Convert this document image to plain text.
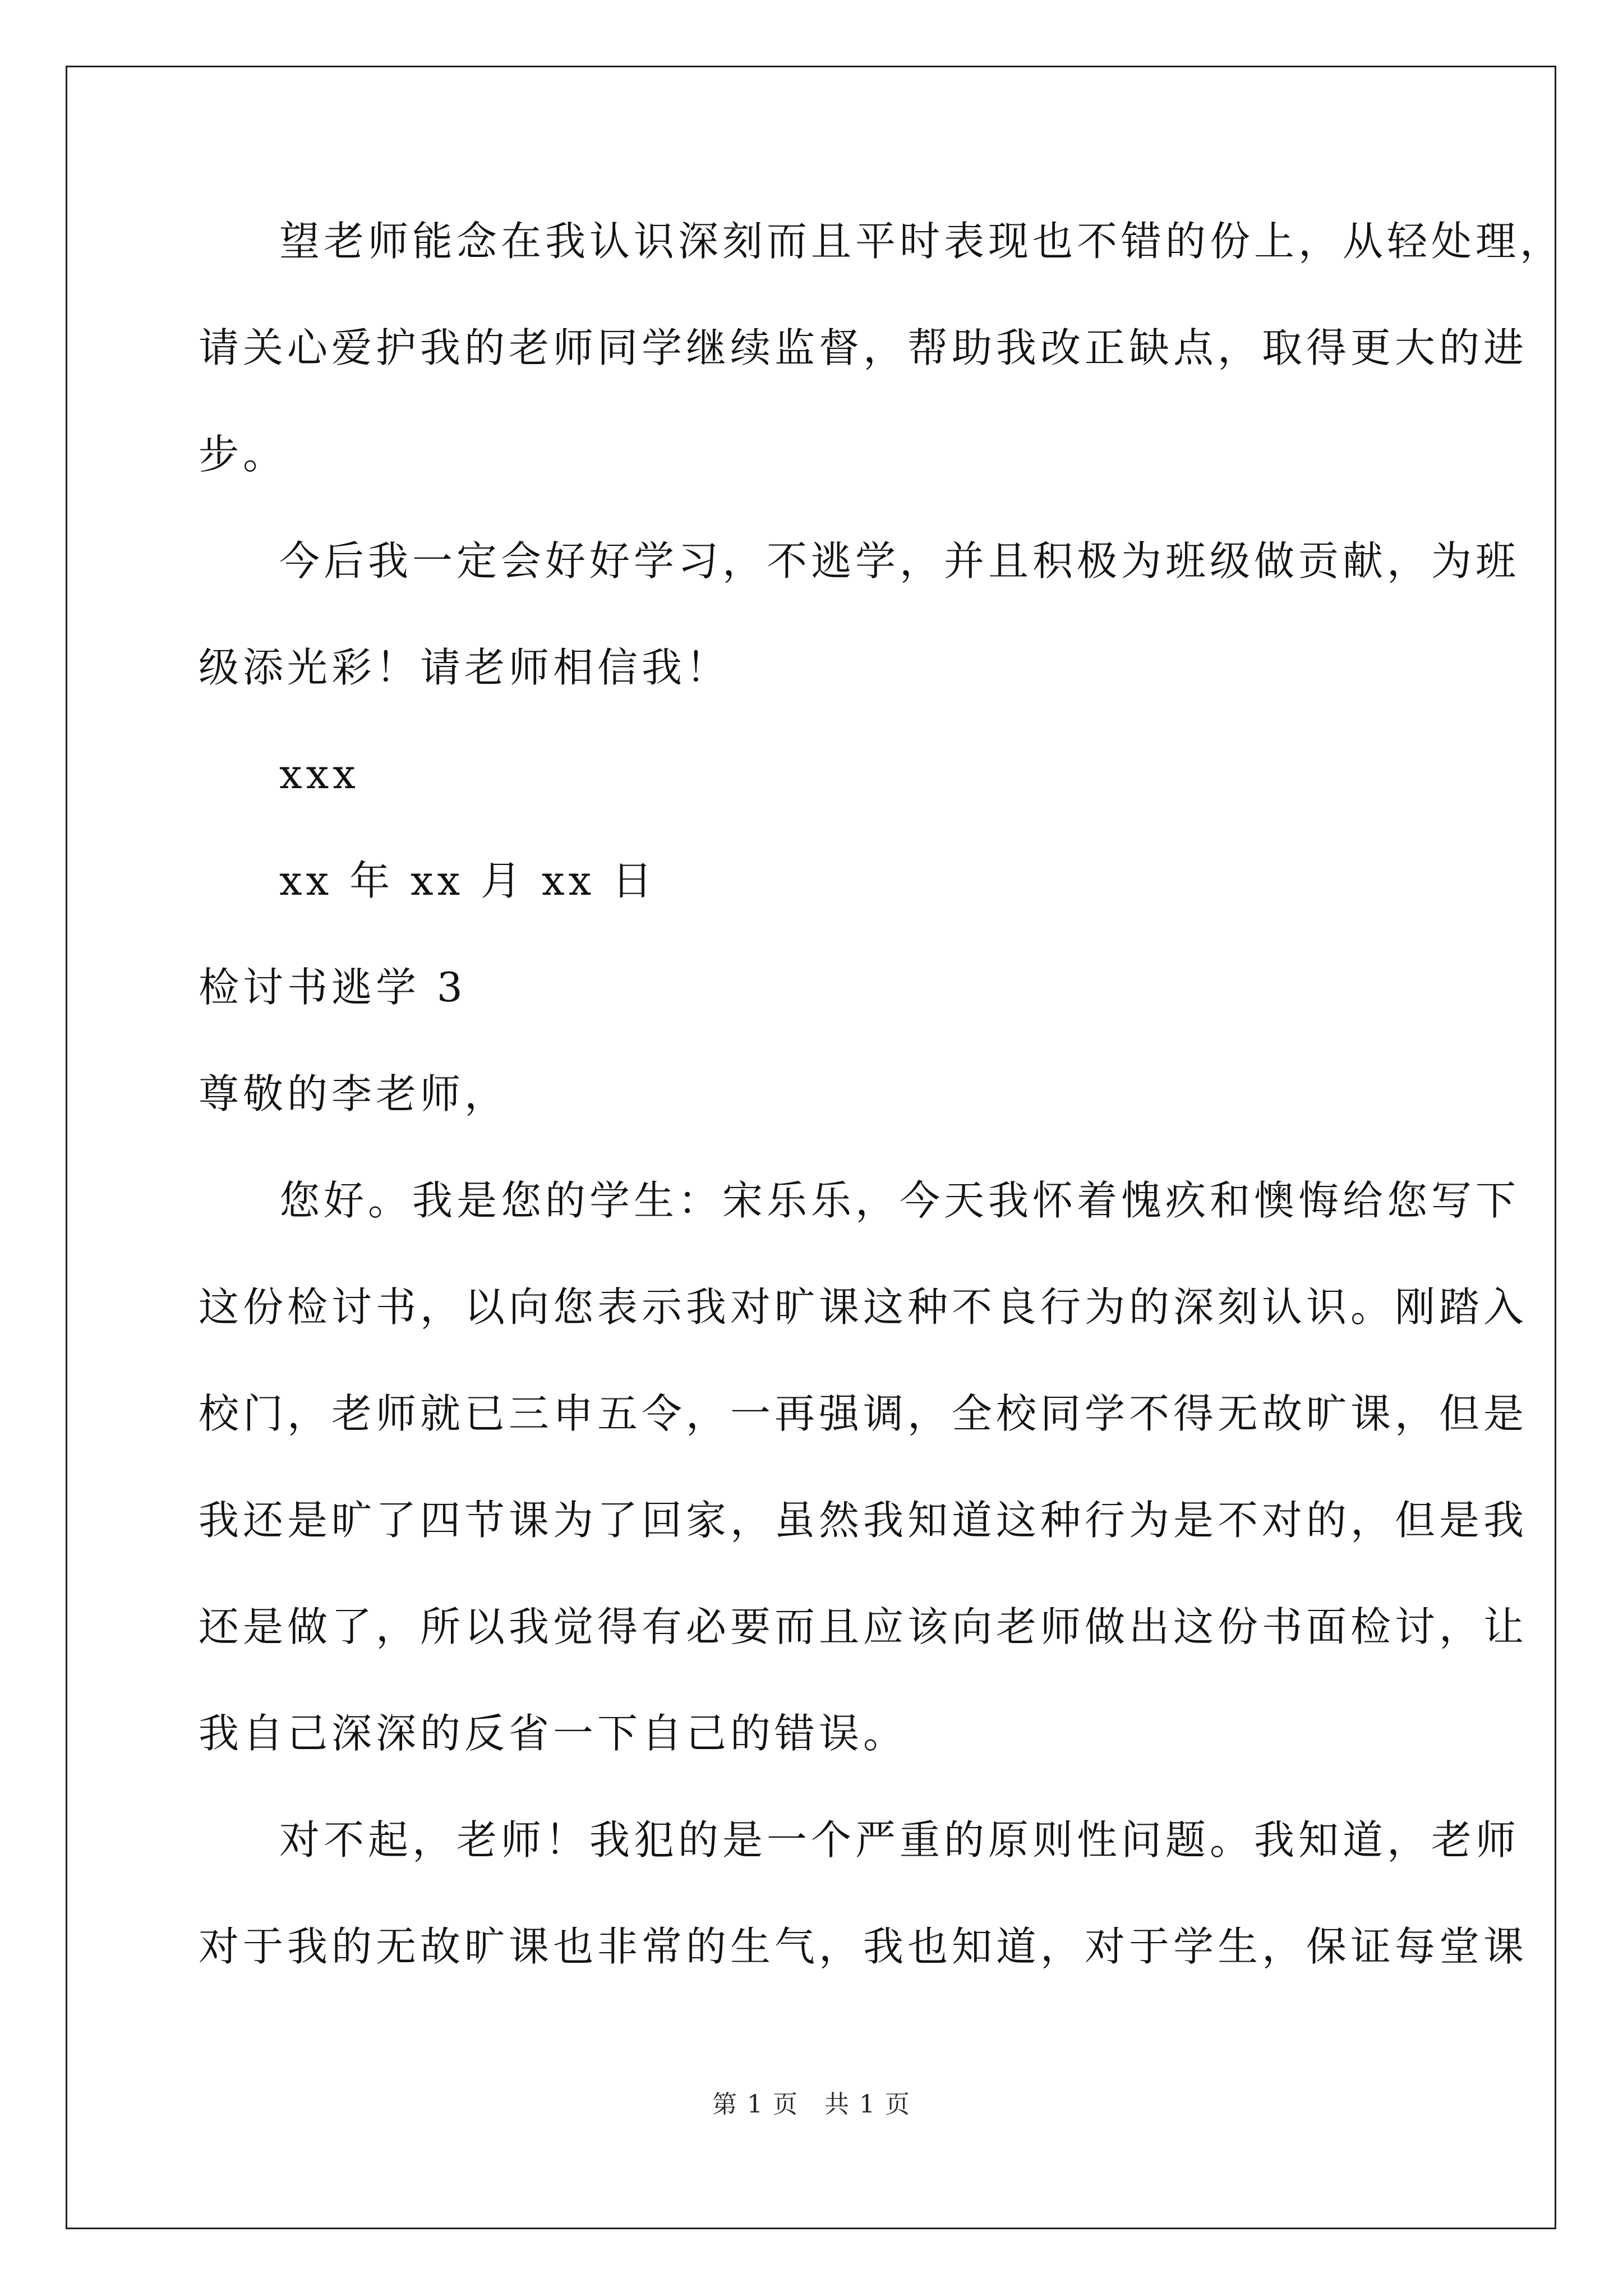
望老师能念在我认识深刻而且平时表现也不错的份上，从轻处理，
请关心爱护我的老师同学继续监督，帮助我改正缺点，取得更大的进
步。
今后我一定会好好学习，不逃学，并且积极为班级做贡献，为班
级添光彩！请老师相信我！
xxx
xx 年 xx 月 xx 日
检讨书逃学 3
尊敬的李老师，
您好。我是您的学生：宋乐乐，今天我怀着愧疚和懊悔给您写下
这份检讨书，以向您表示我对旷课这种不良行为的深刻认识。刚踏入
校门，老师就已三申五令，一再强调，全校同学不得无故旷课，但是
我还是旷了四节课为了回家，虽然我知道这种行为是不对的，但是我
还是做了，所以我觉得有必要而且应该向老师做出这份书面检讨，让
我自己深深的反省一下自己的错误。
对不起，老师！我犯的是一个严重的原则性问题。我知道，老师
对于我的无故旷课也非常的生气，我也知道，对于学生，保证每堂课
第 1 页　共 1 页
